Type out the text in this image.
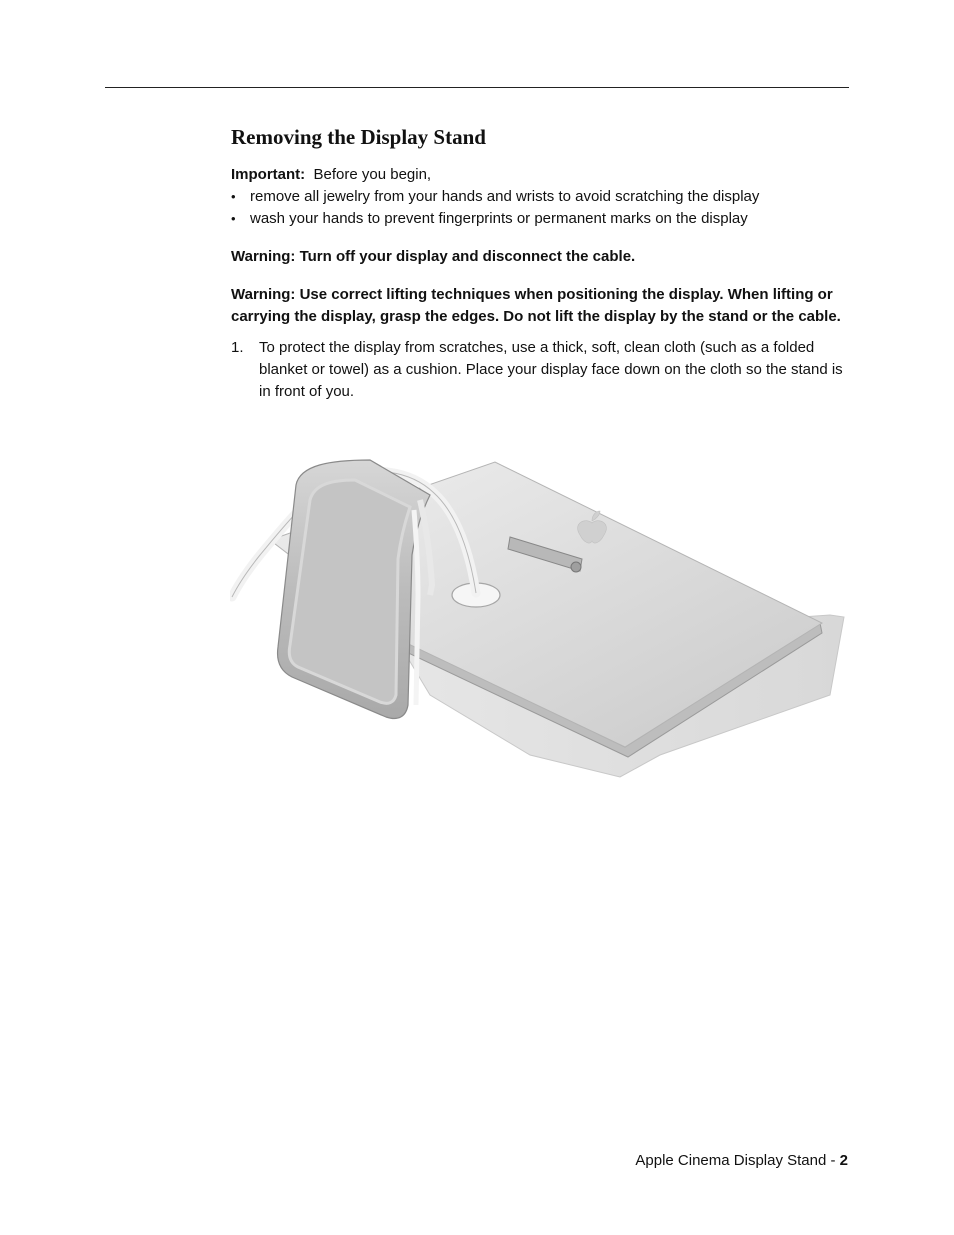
Removing the Display Stand

Important: Before you begin,

• remove all jewelry from your hands and wrists to avoid scratching the display
• wash your hands to prevent fingerprints or permanent marks on the display

Warning: Turn off your display and disconnect the cable.

Warning: Use correct lifting techniques when positioning the display. When lifting or carrying the display, grasp the edges. Do not lift the display by the stand or the cable.

1. To protect the display from scratches, use a thick, soft, clean cloth (such as a folded blanket or towel) as a cushion. Place your display face down on the cloth so the stand is in front of you.
Apple Cinema Display Stand - 2
